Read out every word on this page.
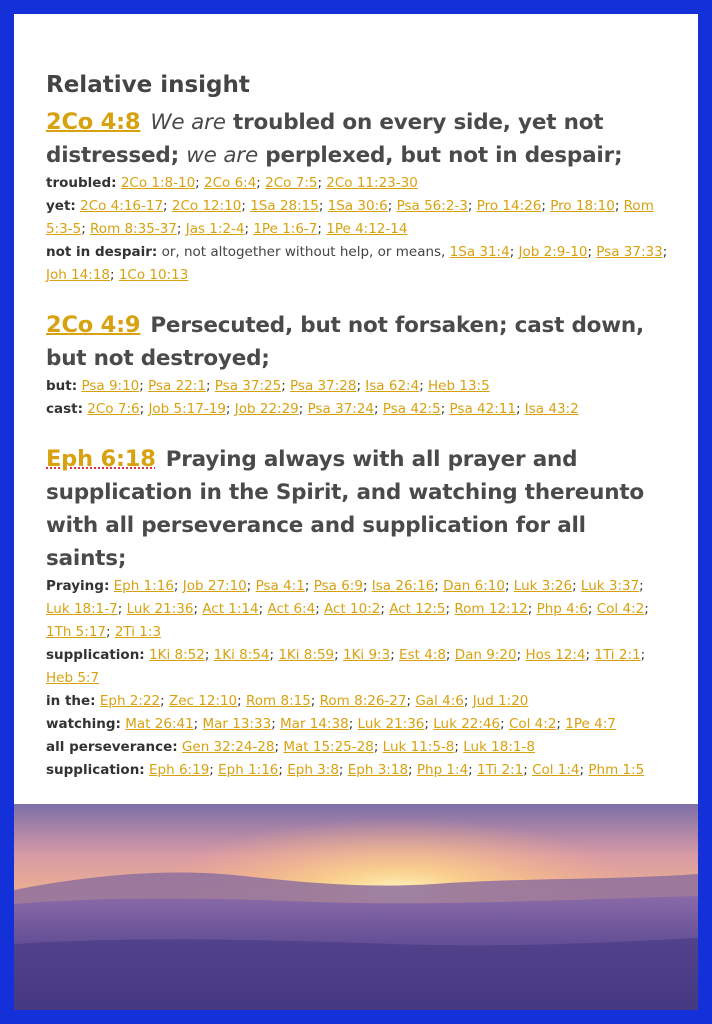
Relative insight
2Co 4:8 We are troubled on every side, yet not distressed; we are perplexed, but not in despair;
troubled: 2Co 1:8-10; 2Co 6:4; 2Co 7:5; 2Co 11:23-30
yet: 2Co 4:16-17; 2Co 12:10; 1Sa 28:15; 1Sa 30:6; Psa 56:2-3; Pro 14:26; Pro 18:10; Rom 5:3-5; Rom 8:35-37; Jas 1:2-4; 1Pe 1:6-7; 1Pe 4:12-14
not in despair: or, not altogether without help, or means, 1Sa 31:4; Job 2:9-10; Psa 37:33; Joh 14:18; 1Co 10:13
2Co 4:9 Persecuted, but not forsaken; cast down, but not destroyed;
but: Psa 9:10; Psa 22:1; Psa 37:25; Psa 37:28; Isa 62:4; Heb 13:5
cast: 2Co 7:6; Job 5:17-19; Job 22:29; Psa 37:24; Psa 42:5; Psa 42:11; Isa 43:2
Eph 6:18 Praying always with all prayer and supplication in the Spirit, and watching thereunto with all perseverance and supplication for all saints;
Praying: Eph 1:16; Job 27:10; Psa 4:1; Psa 6:9; Isa 26:16; Dan 6:10; Luk 3:26; Luk 3:37; Luk 18:1-7; Luk 21:36; Act 1:14; Act 6:4; Act 10:2; Act 12:5; Rom 12:12; Php 4:6; Col 4:2; 1Th 5:17; 2Ti 1:3
supplication: 1Ki 8:52; 1Ki 8:54; 1Ki 8:59; 1Ki 9:3; Est 4:8; Dan 9:20; Hos 12:4; 1Ti 2:1; Heb 5:7
in the: Eph 2:22; Zec 12:10; Rom 8:15; Rom 8:26-27; Gal 4:6; Jud 1:20
watching: Mat 26:41; Mar 13:33; Mar 14:38; Luk 21:36; Luk 22:46; Col 4:2; 1Pe 4:7
all perseverance: Gen 32:24-28; Mat 15:25-28; Luk 11:5-8; Luk 18:1-8
supplication: Eph 6:19; Eph 1:16; Eph 3:8; Eph 3:18; Php 1:4; 1Ti 2:1; Col 1:4; Phm 1:5
